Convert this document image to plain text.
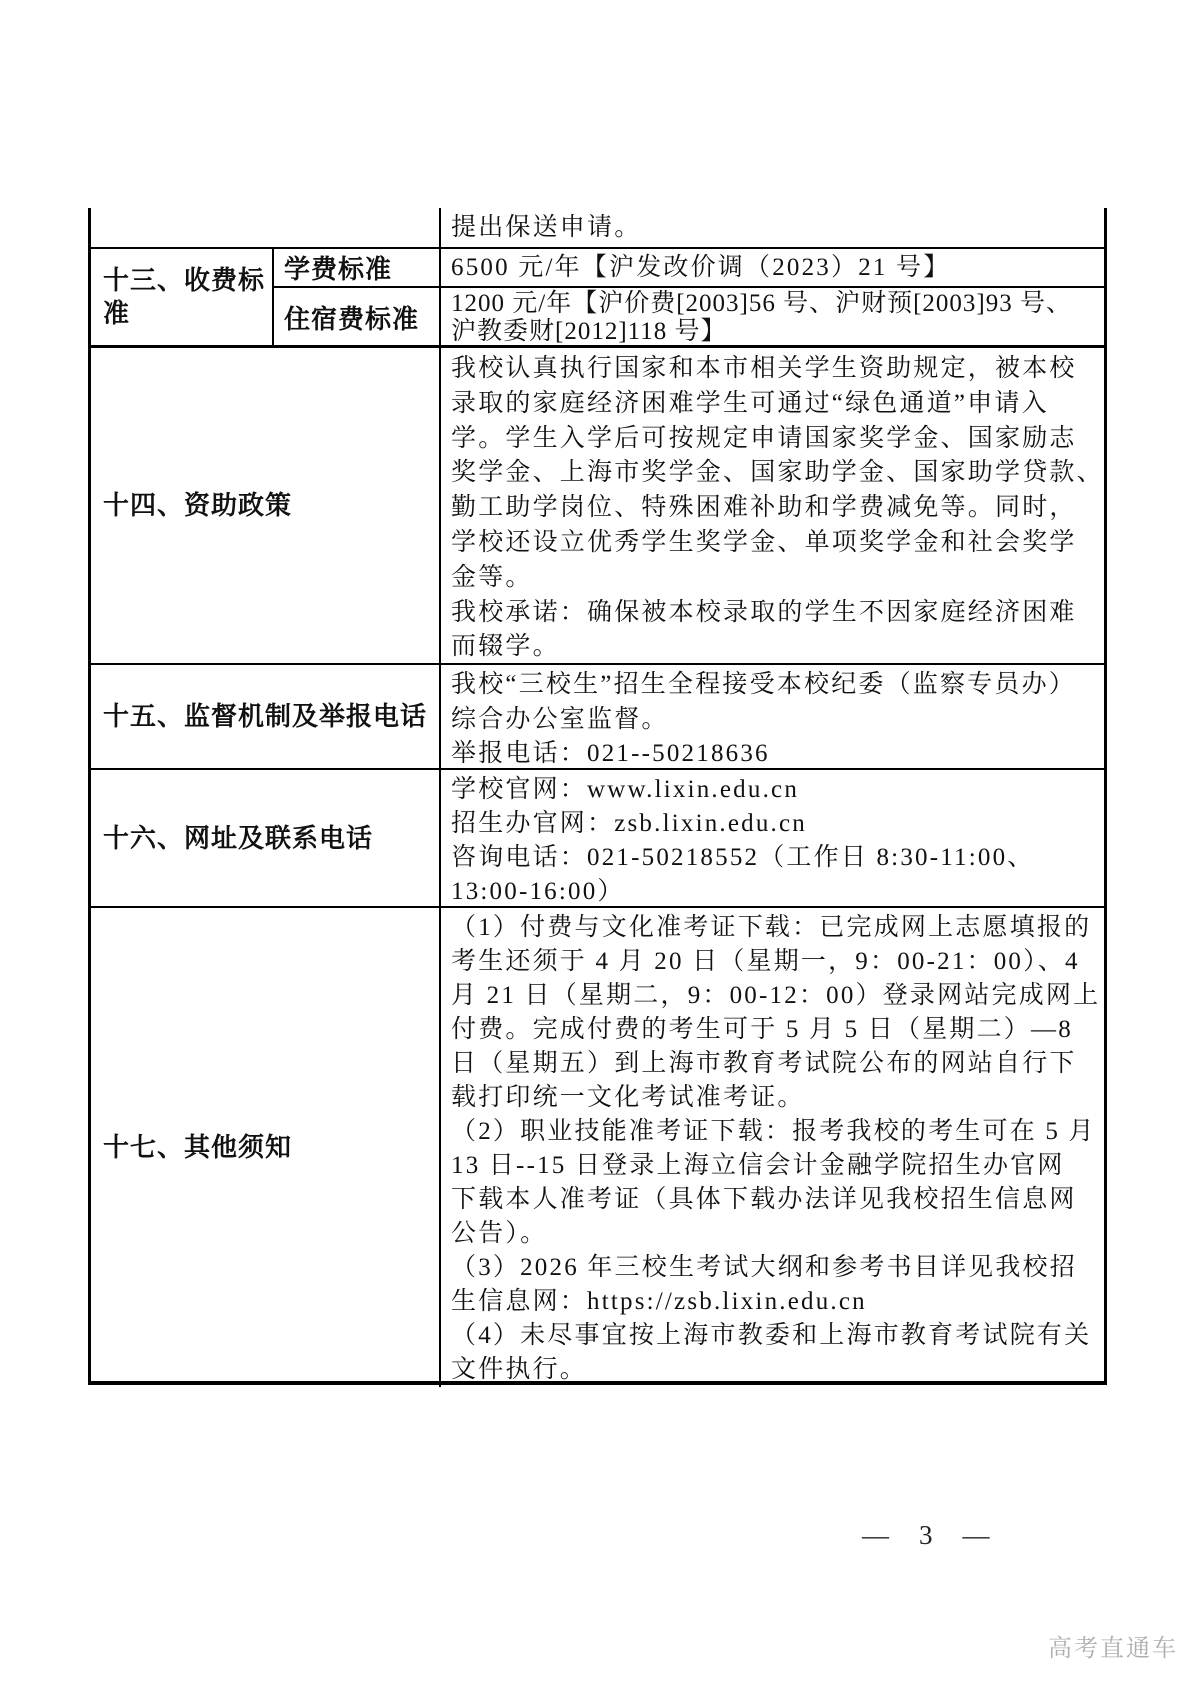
提出保送申请。
十三、收费标准
学费标准 6500 元/年【沪发改价调（2023）21 号】
住宿费标准
1200 元/年【沪价费[2003]56 号、沪财预[2003]93 号、
沪教委财[2012]118 号】
十四、资助政策
我校认真执行国家和本市相关学生资助规定，被本校
录取的家庭经济困难学生可通过“绿色通道”申请入
学。学生入学后可按规定申请国家奖学金、国家励志
奖学金、上海市奖学金、国家助学金、国家助学贷款、
勤工助学岗位、特殊困难补助和学费减免等。同时，
学校还设立优秀学生奖学金、单项奖学金和社会奖学
金等。
我校承诺：确保被本校录取的学生不因家庭经济困难
而辍学。
十五、监督机制及举报电话
我校“三校生”招生全程接受本校纪委（监察专员办）
综合办公室监督。
举报电话：021--50218636
十六、网址及联系电话
学校官网：www.lixin.edu.cn
招生办官网：zsb.lixin.edu.cn
咨询电话：021-50218552（工作日 8:30-11:00、
13:00-16:00）
十七、其他须知
（1）付费与文化准考证下载：已完成网上志愿填报的
考生还须于 4 月 20 日（星期一，9：00-21：00）、4
月 21 日（星期二，9：00-12：00）登录网站完成网上
付费。完成付费的考生可于 5 月 5 日（星期二）—8
日（星期五）到上海市教育考试院公布的网站自行下
载打印统一文化考试准考证。
（2）职业技能准考证下载：报考我校的考生可在 5 月
13 日--15 日登录上海立信会计金融学院招生办官网
下载本人准考证（具体下载办法详见我校招生信息网
公告）。
（3）2026 年三校生考试大纲和参考书目详见我校招
生信息网：https://zsb.lixin.edu.cn
（4）未尽事宜按上海市教委和上海市教育考试院有关
文件执行。
— 3 —
高考直通车
